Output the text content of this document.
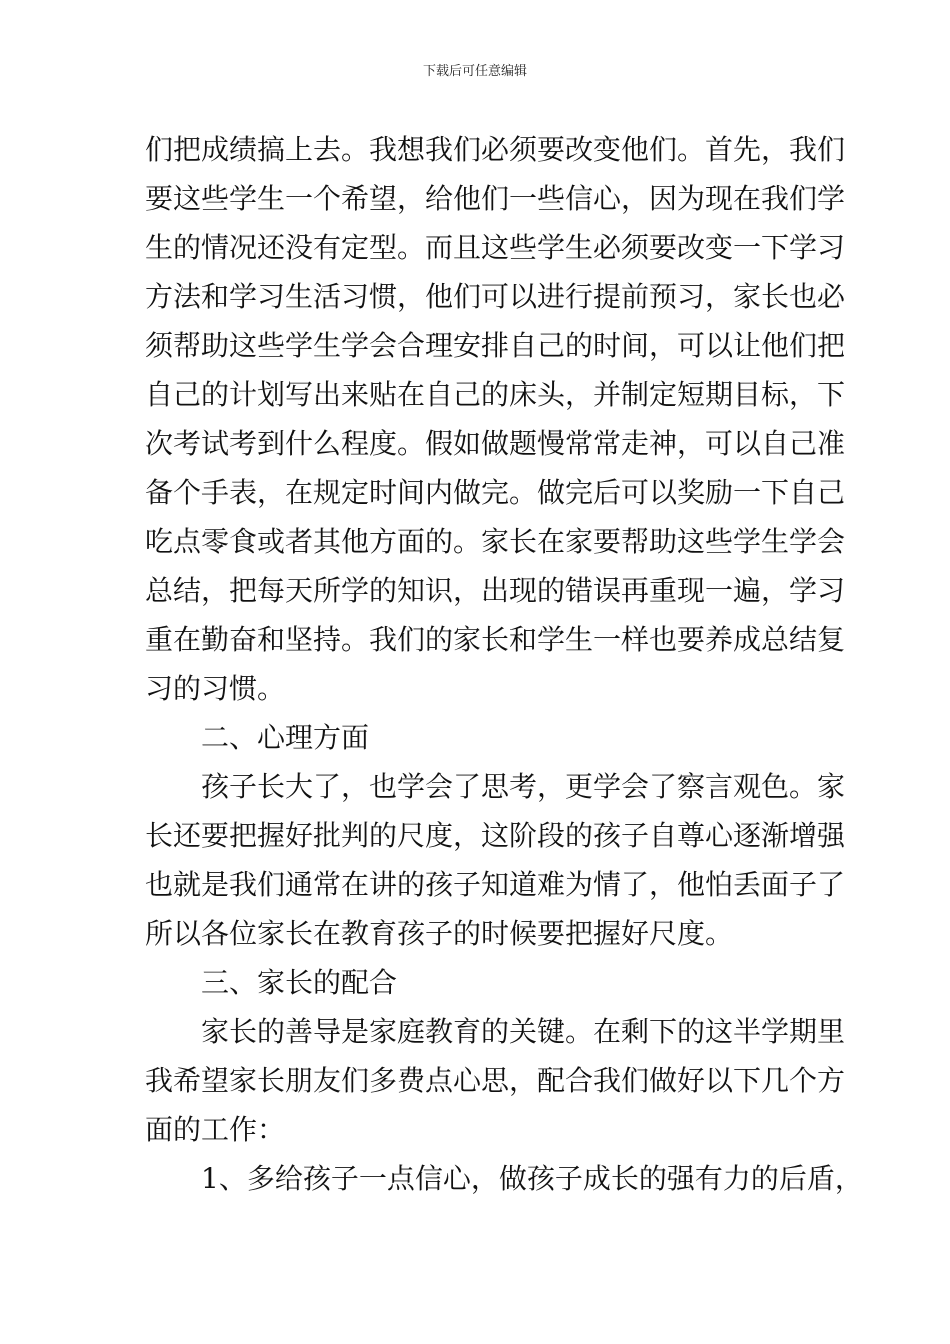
下载后可任意编辑
们把成绩搞上去。我想我们必须要改变他们。首先，我们
要这些学生一个希望，给他们一些信心，因为现在我们学
生的情况还没有定型。而且这些学生必须要改变一下学习
方法和学习生活习惯，他们可以进行提前预习，家长也必
须帮助这些学生学会合理安排自己的时间，可以让他们把
自己的计划写出来贴在自己的床头，并制定短期目标，下
次考试考到什么程度。假如做题慢常常走神，可以自己准
备个手表，在规定时间内做完。做完后可以奖励一下自己
吃点零食或者其他方面的。家长在家要帮助这些学生学会
总结，把每天所学的知识，出现的错误再重现一遍，学习
重在勤奋和坚持。我们的家长和学生一样也要养成总结复
习的习惯。
二、心理方面
孩子长大了，也学会了思考，更学会了察言观色。家
长还要把握好批判的尺度，这阶段的孩子自尊心逐渐增强
也就是我们通常在讲的孩子知道难为情了，他怕丢面子了
所以各位家长在教育孩子的时候要把握好尺度。
三、家长的配合
家长的善导是家庭教育的关键。在剩下的这半学期里
我希望家长朋友们多费点心思，配合我们做好以下几个方
面的工作：
1、多给孩子一点信心，做孩子成长的强有力的后盾，
